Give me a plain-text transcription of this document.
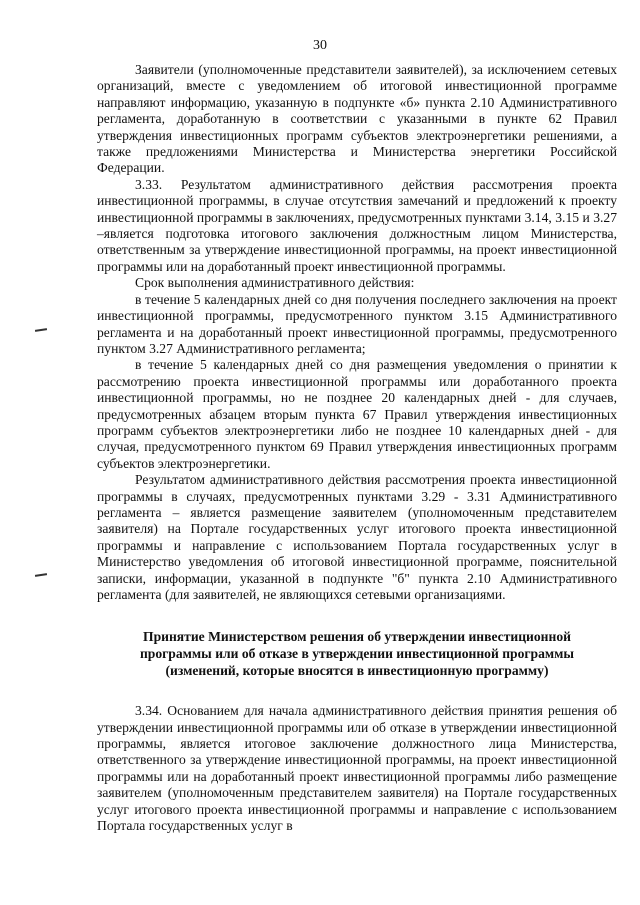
30

Заявители (уполномоченные представители заявителей), за исключением сетевых организаций, вместе с уведомлением об итоговой инвестиционной программе направляют информацию, указанную в подпункте «б» пункта 2.10 Административного регламента, доработанную в соответствии с указанными в пункте 62 Правил утверждения инвестиционных программ субъектов электроэнергетики решениями, а также предложениями Министерства и Министерства энергетики Российской Федерации.

3.33. Результатом административного действия рассмотрения проекта инвестиционной программы, в случае отсутствия замечаний и предложений к проекту инвестиционной программы в заключениях, предусмотренных пунктами 3.14, 3.15 и 3.27 –является подготовка итогового заключения должностным лицом Министерства, ответственным за утверждение инвестиционной программы, на проект инвестиционной программы или на доработанный проект инвестиционной программы.

Срок выполнения административного действия:

в течение 5 календарных дней со дня получения последнего заключения на проект инвестиционной программы, предусмотренного пунктом 3.15 Административного регламента и на доработанный проект инвестиционной программы, предусмотренного пунктом 3.27 Административного регламента;

в течение 5 календарных дней со дня размещения уведомления о принятии к рассмотрению проекта инвестиционной программы или доработанного проекта инвестиционной программы, но не позднее 20 календарных дней - для случаев, предусмотренных абзацем вторым пункта 67 Правил утверждения инвестиционных программ субъектов электроэнергетики либо не позднее 10 календарных дней - для случая, предусмотренного пунктом 69 Правил утверждения инвестиционных программ субъектов электроэнергетики.

Результатом административного действия рассмотрения проекта инвестиционной программы в случаях, предусмотренных пунктами 3.29 - 3.31 Административного регламента – является размещение заявителем (уполномоченным представителем заявителя) на Портале государственных услуг итогового проекта инвестиционной программы и направление с использованием Портала государственных услуг в Министерство уведомления об итоговой инвестиционной программе, пояснительной записки, информации, указанной в подпункте "б" пункта 2.10 Административного регламента (для заявителей, не являющихся сетевыми организациями.

Принятие Министерством решения об утверждении инвестиционной программы или об отказе в утверждении инвестиционной программы (изменений, которые вносятся в инвестиционную программу)

3.34. Основанием для начала административного действия принятия решения об утверждении инвестиционной программы или об отказе в утверждении инвестиционной программы, является итоговое заключение должностного лица Министерства, ответственного за утверждение инвестиционной программы, на проект инвестиционной программы или на доработанный проект инвестиционной программы либо размещение заявителем (уполномоченным представителем заявителя) на Портале государственных услуг итогового проекта инвестиционной программы и направление с использованием Портала государственных услуг в
